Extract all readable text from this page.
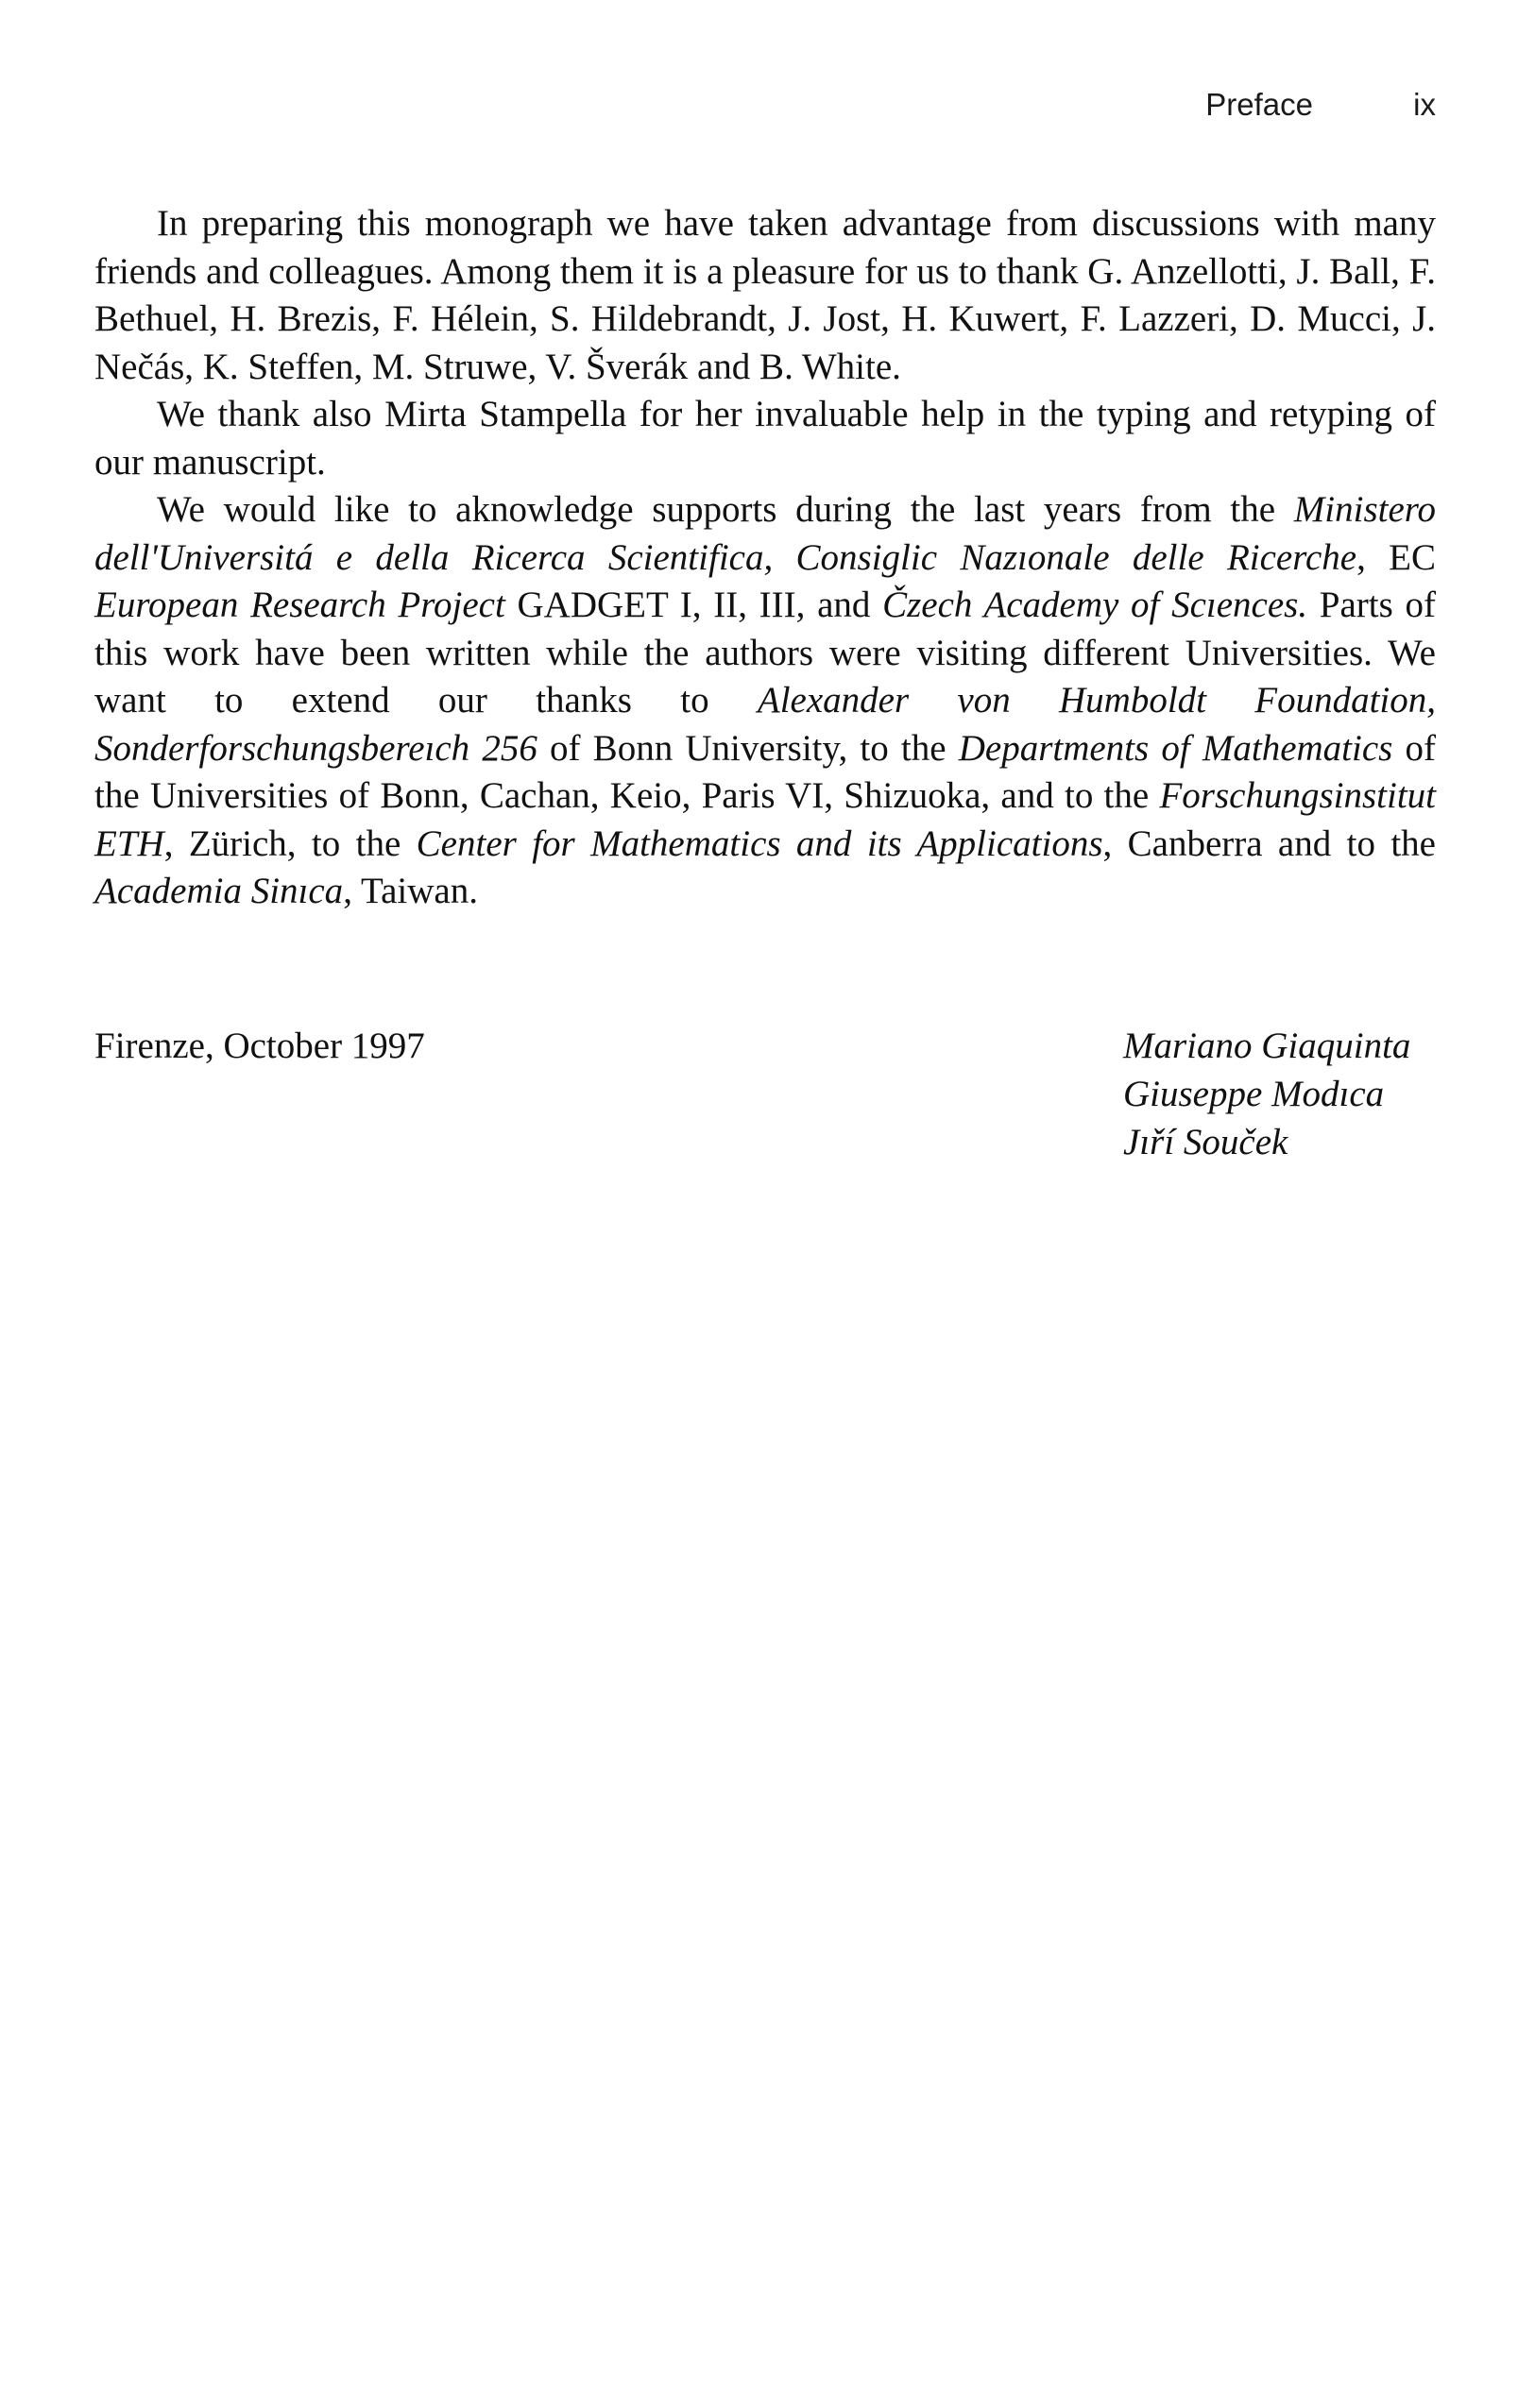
Preface	ix

In preparing this monograph we have taken advantage from discussions with many friends and colleagues. Among them it is a pleasure for us to thank G. Anzellotti, J. Ball, F. Bethuel, H. Brezis, F. Hélein, S. Hildebrandt, J. Jost, H. Kuwert, F. Lazzeri, D. Mucci, J. Nečás, K. Steffen, M. Struwe, V. Šverák and B. White.

We thank also Mirta Stampella for her invaluable help in the typing and retyping of our manuscript.

We would like to aknowledge supports during the last years from the Ministero dell'Universitá e della Ricerca Scientifica, Consiglic Nazıonale delle Ricerche, EC European Research Project GADGET I, II, III, and Čzech Academy of Scıences. Parts of this work have been written while the authors were visiting different Universities. We want to extend our thanks to Alexander von Humboldt Foundation, Sonderforschungsbereıch 256 of Bonn University, to the Departments of Mathematics of the Universities of Bonn, Cachan, Keio, Paris VI, Shizuoka, and to the Forschungsinstitut ETH, Zürich, to the Center for Mathematics and its Applications, Canberra and to the Academia Sinıca, Taiwan.

Firenze, October 1997	Mariano Giaquinta
Giuseppe Modıca
Jıří Souček
